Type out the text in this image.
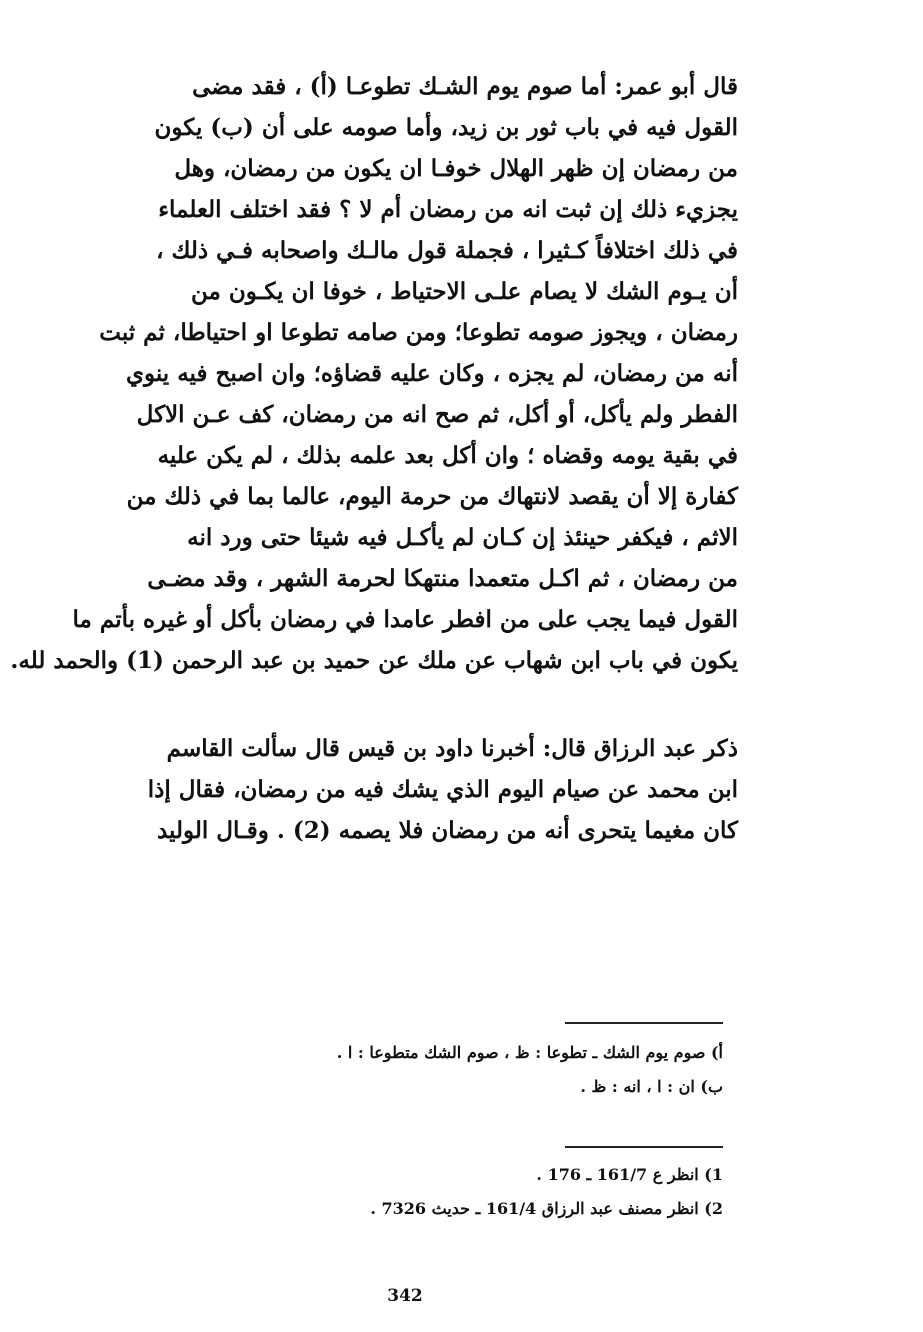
قال أبو عمر: أما صوم يوم الشـك تطوعـا (أ) ، فقد مضى
القول فيه في باب ثور بن زيد، وأما صومه على أن (ب) يكون
من رمضان إن ظهر الهلال خوفـا ان يكون من رمضان، وهل
يجزيء ذلك إن ثبت انه من رمضان أم لا ؟ فقد اختلف العلماء
في ذلك اختلافاً كـثيرا ، فجملة قول مالـك واصحابه فـي ذلك ،
أن يـوم الشك لا يصام علـى الاحتياط ، خوفا ان يكـون من
رمضان ، ويجوز صومه تطوعا؛ ومن صامه تطوعا او احتياطا، ثم ثبت
أنه من رمضان، لم يجزه ، وكان عليه قضاؤه؛ وان اصبح فيه ينوي
الفطر ولم يأكل، أو أكل، ثم صح انه من رمضان، كف عـن الاكل
في بقية يومه وقضاه ؛ وان أكل بعد علمه بذلك ، لم يكن عليه
كفارة إلا أن يقصد لانتهاك من حرمة اليوم، عالما بما في ذلك من
الاثم ، فيكفر حينئذ إن كـان لم يأكـل فيه شيئا حتى ورد انه
من رمضان ، ثم اكـل متعمدا منتهكا لحرمة الشهر ، وقد مضـى
القول فيما يجب على من افطر عامدا في رمضان بأكل أو غيره بأتم ما
يكون في باب ابن شهاب عن ملك عن حميد بن عبد الرحمن (1) والحمد لله.
ذكر عبد الرزاق قال: أخبرنا داود بن قيس قال سألت القاسم
ابن محمد عن صيام اليوم الذي يشك فيه من رمضان، فقال إذا
كان مغيما يتحرى أنه من رمضان فلا يصمه (2) . وقـال الوليد
أ) صوم يوم الشك ـ تطوعا : ظ ، صوم الشك متطوعا : ا .
ب) ان : ا ، انه : ظ .
1) انظر ع 161/7 ـ 176 .
2) انظر مصنف عبد الرزاق 161/4 ـ حديث 7326 .
342
